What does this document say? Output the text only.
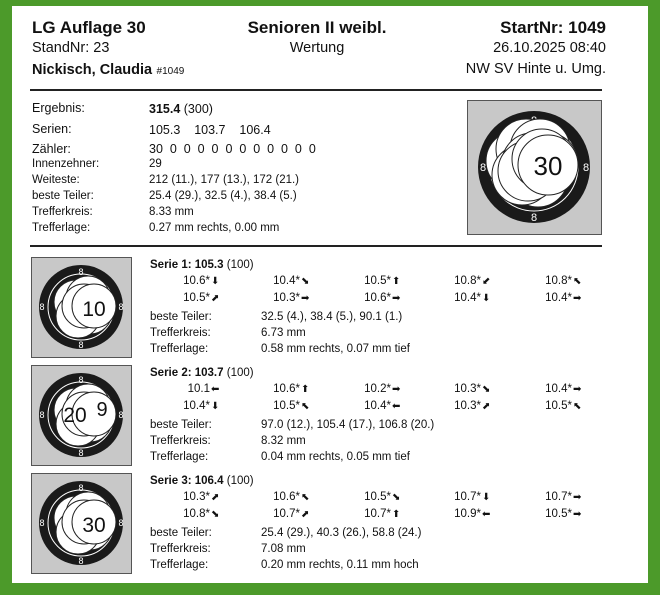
LG Auflage 30
StandNr: 23
Nickisch, Claudia #1049
Senioren II weibl.
Wertung
StartNr: 1049
26.10.2025 08:40
NW SV Hinte u. Umg.
Ergebnis:	315.4 (300)
Serien:	105.3 103.7 106.4
Zähler:	30  0  0  0  0  0  0  0  0  0  0  0
Innenzehner:	29
Weiteste:	212 (11.), 177 (13.), 172 (21.)
beste Teiler:	25.4 (29.), 32.5 (4.), 38.4 (5.)
Trefferkreis:	8.33 mm
Trefferlage:	0.27 mm rechts, 0.00 mm
8
8	8
30
8
8
8	8
10
Serie 1: 105.3 (100)
10.6*⬇	10.4*⬊	10.5*⬆	10.8*⬋	10.8*⬉
10.5*⬈	10.3*➡	10.6*➡	10.4*⬇	10.4*➡
beste Teiler:	32.5 (4.), 38.4 (5.), 90.1 (1.)
Trefferkreis:	6.73 mm
Trefferlage:	0.58 mm rechts, 0.07 mm tief
8
8
8	8
9
20
Serie 2: 103.7 (100)
10.1⬅	10.6*⬆	10.2*➡	10.3*⬊	10.4*➡
10.4*⬇	10.5*⬉	10.4*⬅	10.3*⬈	10.5*⬉
beste Teiler:	97.0 (12.), 105.4 (17.), 106.8 (20.)
Trefferkreis:	8.32 mm
Trefferlage:	0.04 mm rechts, 0.05 mm tief
8
8
8	8
30
Serie 3: 106.4 (100)
10.3*⬈	10.6*⬉	10.5*⬊	10.7*⬇	10.7*➡
10.8*⬊	10.7*⬈	10.7*⬆	10.9*⬅	10.5*➡
beste Teiler:	25.4 (29.), 40.3 (26.), 58.8 (24.)
Trefferkreis:	7.08 mm
Trefferlage:	0.20 mm rechts, 0.11 mm hoch
